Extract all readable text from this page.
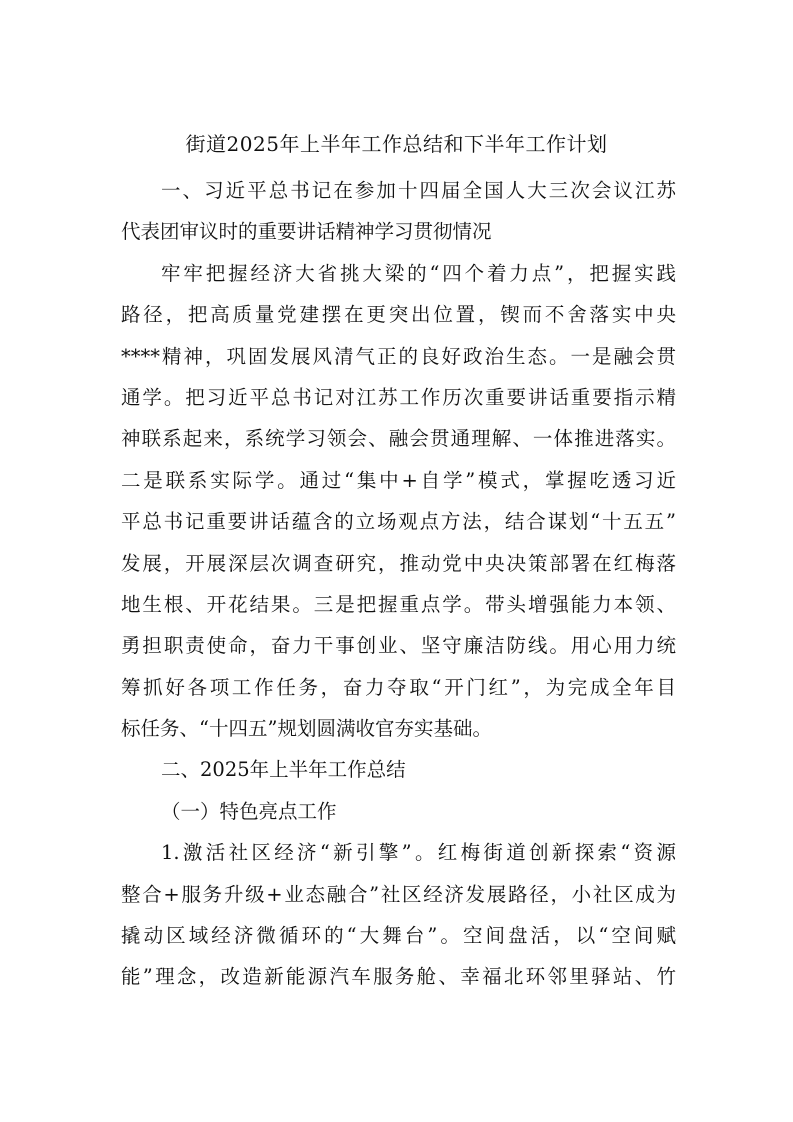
街道2025年上半年工作总结和下半年工作计划
一、习近平总书记在参加十四届全国人大三次会议江苏
代表团审议时的重要讲话精神学习贯彻情况
牢牢把握经济大省挑大梁的“四个着力点”，把握实践
路径，把高质量党建摆在更突出位置，锲而不舍落实中央
****精神，巩固发展风清气正的良好政治生态。一是融会贯
通学。把习近平总书记对江苏工作历次重要讲话重要指示精
神联系起来，系统学习领会、融会贯通理解、一体推进落实。
二是联系实际学。通过“集中+自学”模式，掌握吃透习近
平总书记重要讲话蕴含的立场观点方法，结合谋划“十五五”
发展，开展深层次调查研究，推动党中央决策部署在红梅落
地生根、开花结果。三是把握重点学。带头增强能力本领、
勇担职责使命，奋力干事创业、坚守廉洁防线。用心用力统
筹抓好各项工作任务，奋力夺取“开门红”，为完成全年目
标任务、“十四五”规划圆满收官夯实基础。
二、2025年上半年工作总结
（一）特色亮点工作
1.激活社区经济“新引擎”。红梅街道创新探索“资源
整合+服务升级+业态融合”社区经济发展路径，小社区成为
撬动区域经济微循环的“大舞台”。空间盘活，以“空间赋
能”理念，改造新能源汽车服务舱、幸福北环邻里驿站、竹
